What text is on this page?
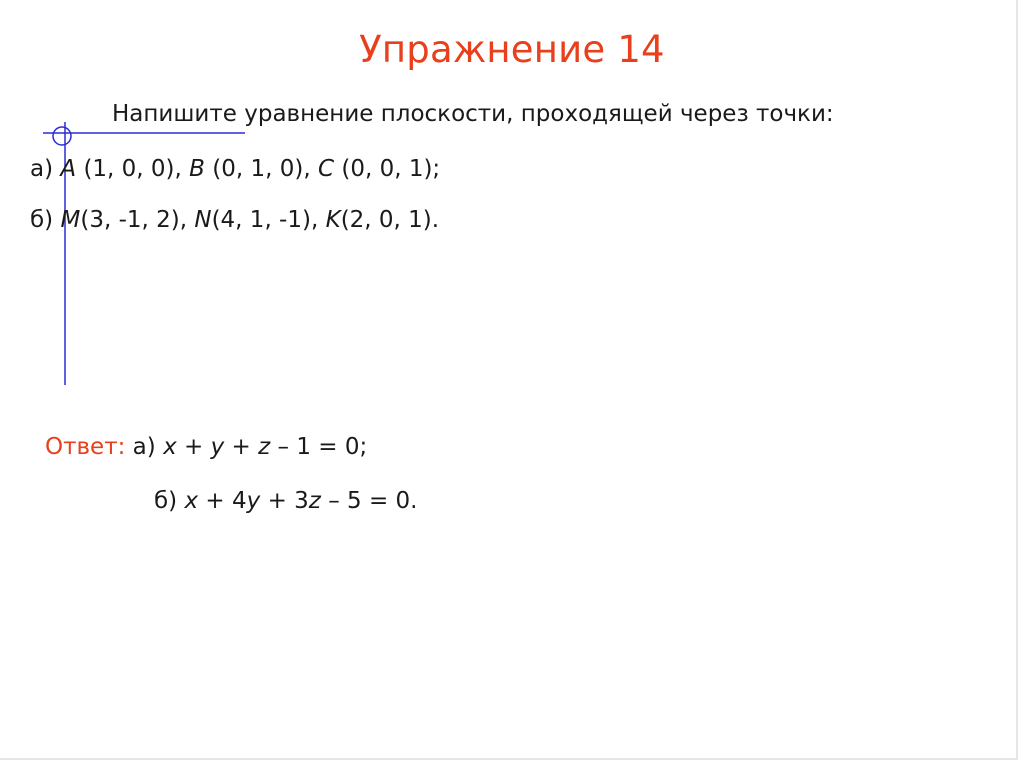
Упражнение 14
Напишите уравнение плоскости, проходящей через точки:
а) A (1, 0, 0), B (0, 1, 0), C (0, 0, 1);
б) M(3, -1, 2), N(4, 1, -1), K(2, 0, 1).
Ответ: а) x + y + z – 1 = 0;
б) x + 4y + 3z – 5 = 0.
